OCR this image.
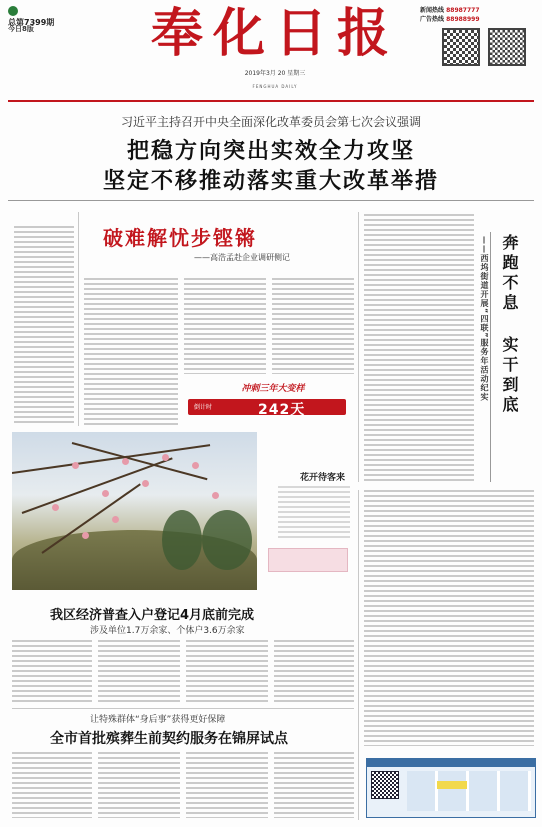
总第7399期
今日8版	奉化日报
2019年3月 20 星期三
FENGHUA DAILY
新闻热线 88987777
广告热线 88988999
习近平主持召开中央全面深化改革委员会第七次会议强调
把稳方向突出实效全力攻坚
坚定不移推动落实重大改革举措
破难解忧步铿锵
——高浩孟赴企业调研侧记
冲刺三年大变样
倒计时	242天
奔跑不息
实干到底
——西坞街道开展“四联”服务年活动纪实
花开待客来
我区经济普查入户登记4月底前完成
涉及单位1.7万余家、个体户3.6万余家
让特殊群体“身后事”获得更好保障
全市首批殡葬生前契约服务在锦屏试点
